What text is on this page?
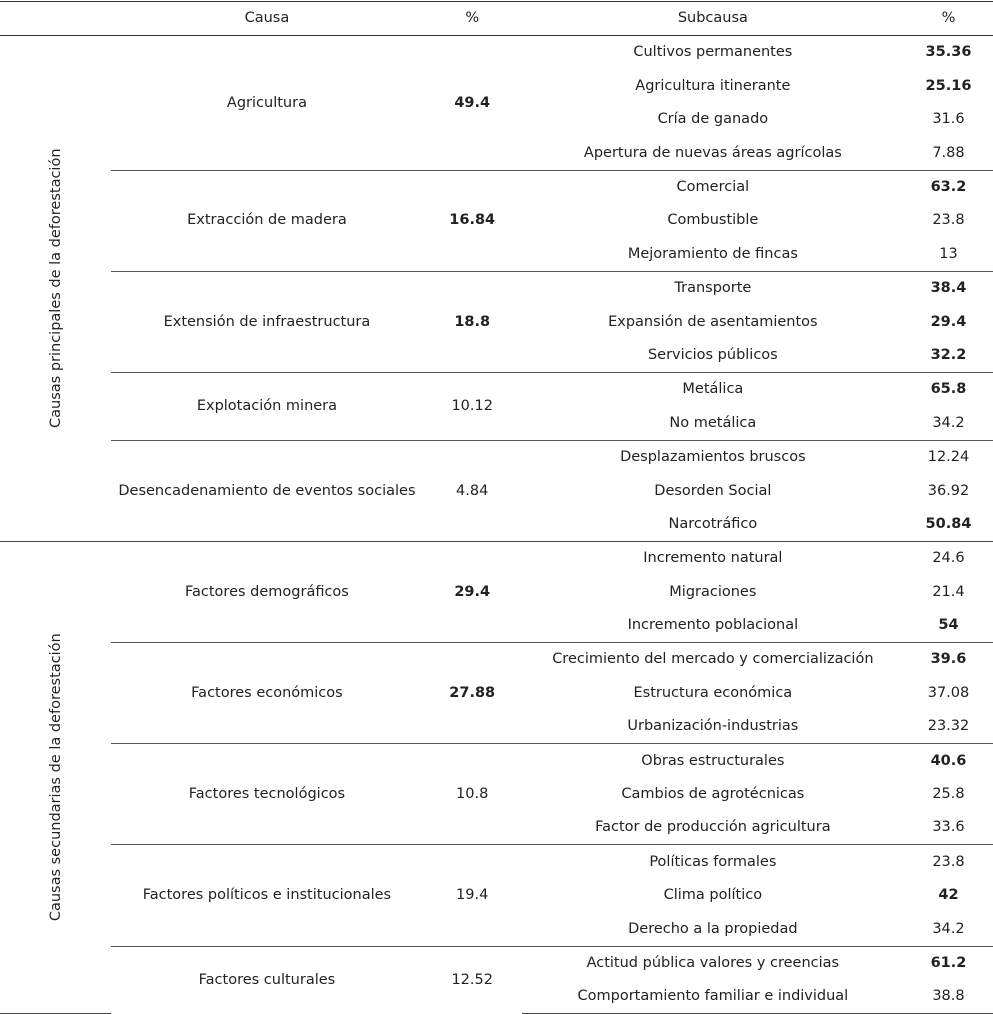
	Causa	%	Subcausa	%

Causas principales de la deforestación	Agricultura	49.4	Cultivos permanentes	35.36
			Agricultura itinerante	25.16
			Cría de ganado	31.6
			Apertura de nuevas áreas agrícolas	7.88
	Extracción de madera	16.84	Comercial	63.2
			Combustible	23.8
			Mejoramiento de fincas	13
	Extensión de infraestructura	18.8	Transporte	38.4
			Expansión de asentamientos	29.4
			Servicios públicos	32.2
	Explotación minera	10.12	Metálica	65.8
			No metálica	34.2
	Desencadenamiento de eventos sociales	4.84	Desplazamientos bruscos	12.24
			Desorden Social	36.92
			Narcotráfico	50.84

Causas secundarias de la deforestación	Factores demográficos	29.4	Incremento natural	24.6
			Migraciones	21.4
			Incremento poblacional	54
	Factores económicos	27.88	Crecimiento del mercado y comercialización	39.6
			Estructura económica	37.08
			Urbanización-industrias	23.32
	Factores tecnológicos	10.8	Obras estructurales	40.6
			Cambios de agrotécnicas	25.8
			Factor de producción agricultura	33.6
	Factores políticos e institucionales	19.4	Políticas formales	23.8
			Clima político	42
			Derecho a la propiedad	34.2
	Factores culturales	12.52	Actitud pública valores y creencias	61.2
			Comportamiento familiar e individual	38.8
